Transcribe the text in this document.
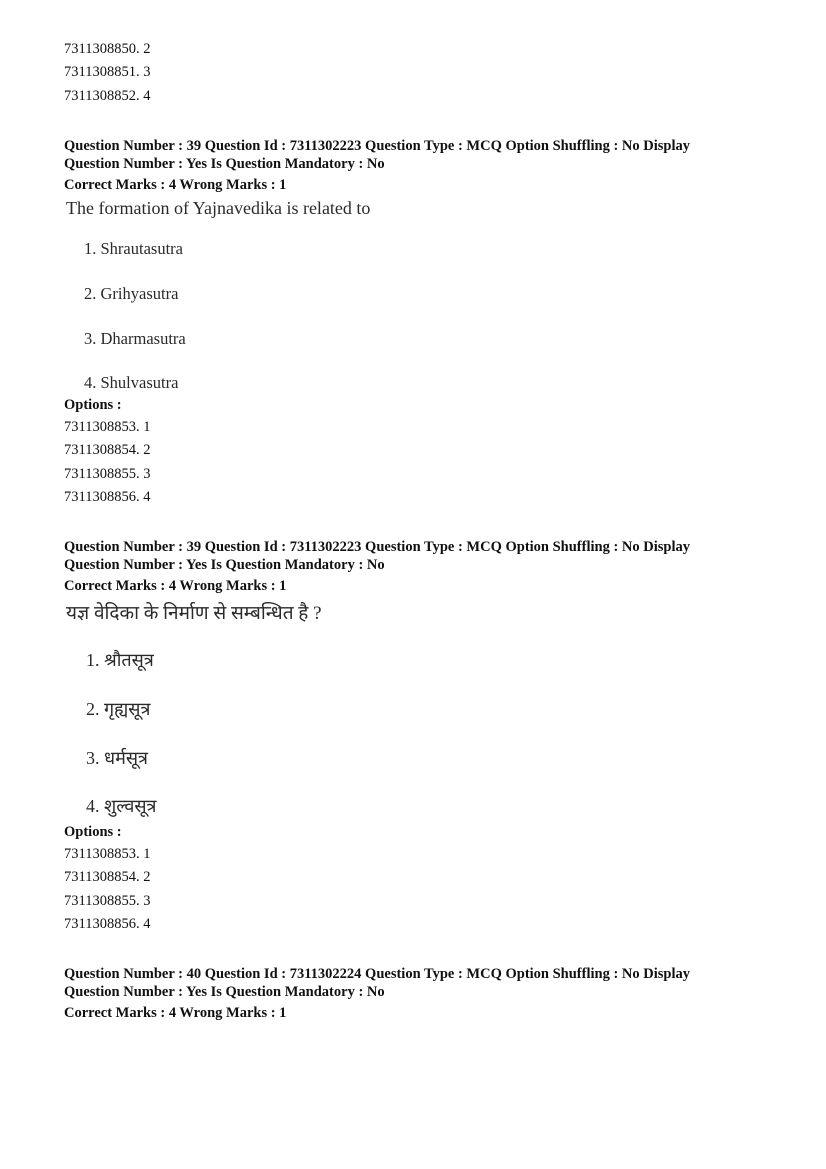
7311308850. 2
7311308851. 3
7311308852. 4
Question Number : 39 Question Id : 7311302223 Question Type : MCQ Option Shuffling : No Display
Question Number : Yes Is Question Mandatory : No
Correct Marks : 4 Wrong Marks : 1
The formation of Yajnavedika is related to
1. Shrautasutra
2. Grihyasutra
3. Dharmasutra
4. Shulvasutra
Options :
7311308853. 1
7311308854. 2
7311308855. 3
7311308856. 4
Question Number : 39 Question Id : 7311302223 Question Type : MCQ Option Shuffling : No Display
Question Number : Yes Is Question Mandatory : No
Correct Marks : 4 Wrong Marks : 1
यज्ञ वेदिका के निर्माण से सम्बन्धित है ?
1. श्रौतसूत्र
2. गृह्यसूत्र
3. धर्मसूत्र
4. शुल्वसूत्र
Options :
7311308853. 1
7311308854. 2
7311308855. 3
7311308856. 4
Question Number : 40 Question Id : 7311302224 Question Type : MCQ Option Shuffling : No Display
Question Number : Yes Is Question Mandatory : No
Correct Marks : 4 Wrong Marks : 1
